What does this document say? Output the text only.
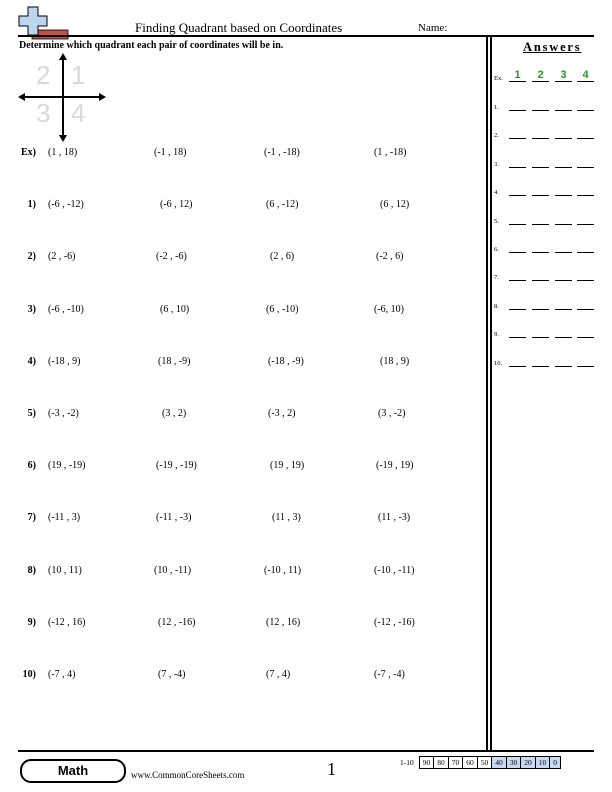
Finding Quadrant based on Coordinates	Name:
Determine which quadrant each pair of coordinates will be in.
2 1
3 4
Ex) (1 , 18)	(-1 , 18)	(-1 , -18)	(1 , -18)
1) (-6 , -12)	(-6 , 12)	(6 , -12)	(6 , 12)
2) (2 , -6)	(-2 , -6)	(2 , 6)	(-2 , 6)
3) (-6 , -10)	(6 , 10)	(6 , -10)	(-6, 10)
4) (-18 , 9)	(18 , -9)	(-18 , -9)	(18 , 9)
5) (-3 , -2)	(3 , 2)	(-3 , 2)	(3 , -2)
6) (19 , -19)	(-19 , -19)	(19 , 19)	(-19 , 19)
7) (-11 , 3)	(-11 , -3)	(11 , 3)	(11 , -3)
8) (10 , 11)	(10 , -11)	(-10 , 11)	(-10 , -11)
9) (-12 , 16)	(12 , -16)	(12 , 16)	(-12 , -16)
10) (-7 , 4)	(7 , -4)	(7 , 4)	(-7 , -4)
Answers
Ex.	1	2	3	4
1.
2.
3.
4.
5.
6.
7.
8.
9.
10.
Math	www.CommonCoreSheets.com	1	1-10	90	80	70	60	50	40	30	20	10	0
